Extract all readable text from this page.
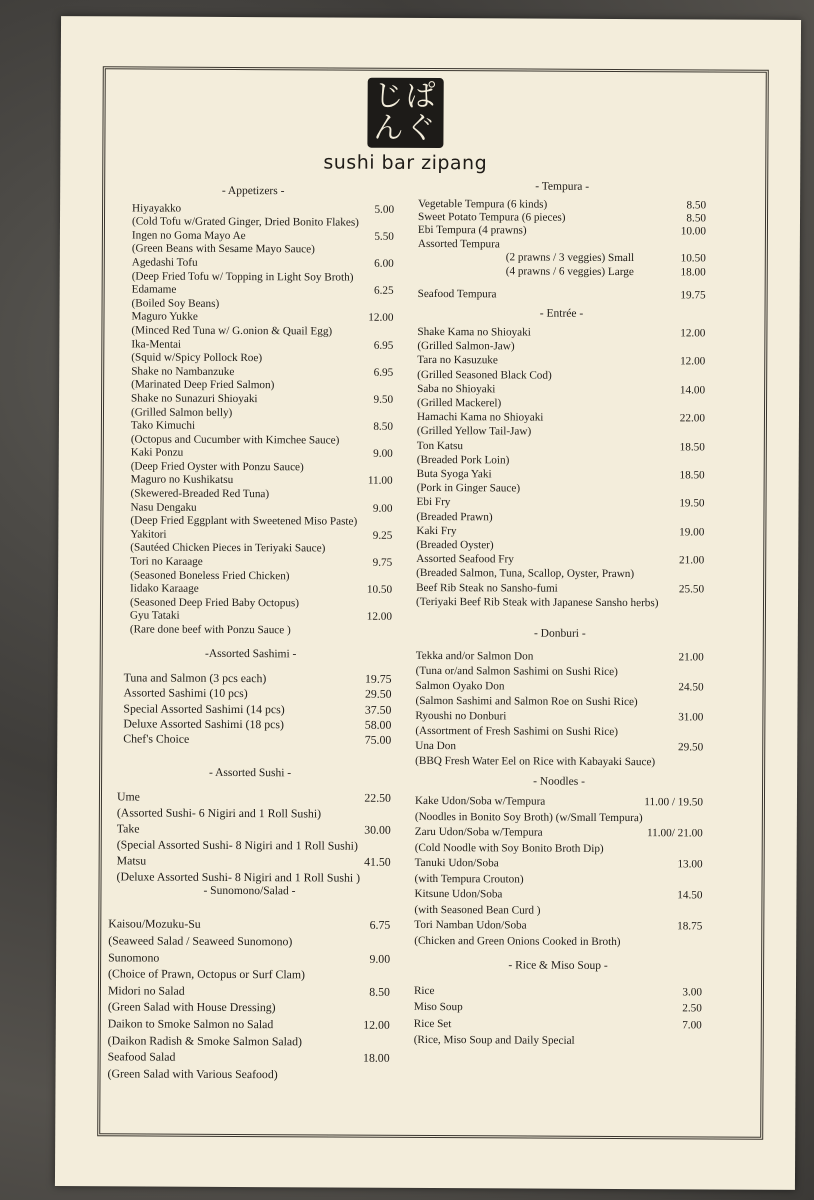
じぱ
んぐ
sushi bar zipang
- Appetizers -
Hiyayakko	5.00
(Cold Tofu w/Grated Ginger, Dried Bonito Flakes)
Ingen no Goma Mayo Ae	5.50
(Green Beans with Sesame Mayo Sauce)
Agedashi Tofu	6.00
(Deep Fried Tofu w/ Topping in Light Soy Broth)
Edamame	6.25
(Boiled Soy Beans)
Maguro Yukke	12.00
(Minced Red Tuna w/ G.onion & Quail Egg)
Ika-Mentai	6.95
(Squid w/Spicy Pollock Roe)
Shake no Nambanzuke	6.95
(Marinated Deep Fried Salmon)
Shake no Sunazuri Shioyaki	9.50
(Grilled Salmon belly)
Tako Kimuchi	8.50
(Octopus and Cucumber with Kimchee Sauce)
Kaki Ponzu	9.00
(Deep Fried Oyster with Ponzu Sauce)
Maguro no Kushikatsu	11.00
(Skewered-Breaded Red Tuna)
Nasu Dengaku	9.00
(Deep Fried Eggplant with Sweetened Miso Paste)
Yakitori	9.25
(Sautéed Chicken Pieces in Teriyaki Sauce)
Tori no Karaage	9.75
(Seasoned Boneless Fried Chicken)
Iidako Karaage	10.50
(Seasoned Deep Fried Baby Octopus)
Gyu Tataki	12.00
(Rare done beef with Ponzu Sauce )
-Assorted Sashimi -
Tuna and Salmon (3 pcs each)	19.75
Assorted Sashimi (10 pcs)	29.50
Special Assorted Sashimi (14 pcs)	37.50
Deluxe Assorted Sashimi (18 pcs)	58.00
Chef's Choice	75.00
- Assorted Sushi -
Ume	22.50
(Assorted Sushi- 6 Nigiri and 1 Roll Sushi)
Take	30.00
(Special Assorted Sushi- 8 Nigiri and 1 Roll Sushi)
Matsu	41.50
(Deluxe Assorted Sushi- 8 Nigiri and 1 Roll Sushi )
- Sunomono/Salad -
Kaisou/Mozuku-Su	6.75
(Seaweed Salad / Seaweed Sunomono)
Sunomono	9.00
(Choice of Prawn, Octopus or Surf Clam)
Midori no Salad	8.50
(Green Salad with House Dressing)
Daikon to Smoke Salmon no Salad	12.00
(Daikon Radish & Smoke Salmon Salad)
Seafood Salad	18.00
(Green Salad with Various Seafood)
- Tempura -
Vegetable Tempura (6 kinds)	8.50
Sweet Potato Tempura (6 pieces)	8.50
Ebi Tempura (4 prawns)	10.00
Assorted Tempura
(2 prawns / 3 veggies) Small	10.50
(4 prawns / 6 veggies) Large	18.00
Seafood Tempura	19.75
- Entrée -
Shake Kama no Shioyaki	12.00
(Grilled Salmon-Jaw)
Tara no Kasuzuke	12.00
(Grilled Seasoned Black Cod)
Saba no Shioyaki	14.00
(Grilled Mackerel)
Hamachi Kama no Shioyaki	22.00
(Grilled Yellow Tail-Jaw)
Ton Katsu	18.50
(Breaded Pork Loin)
Buta Syoga Yaki	18.50
(Pork in Ginger Sauce)
Ebi Fry	19.50
(Breaded Prawn)
Kaki Fry	19.00
(Breaded Oyster)
Assorted Seafood Fry	21.00
(Breaded Salmon, Tuna, Scallop, Oyster, Prawn)
Beef Rib Steak no Sansho-fumi	25.50
(Teriyaki Beef Rib Steak with Japanese Sansho herbs)
- Donburi -
Tekka and/or Salmon Don	21.00
(Tuna or/and Salmon Sashimi on Sushi Rice)
Salmon Oyako Don	24.50
(Salmon Sashimi and Salmon Roe on Sushi Rice)
Ryoushi no Donburi	31.00
(Assortment of Fresh Sashimi on Sushi Rice)
Una Don	29.50
(BBQ Fresh Water Eel on Rice with Kabayaki Sauce)
- Noodles -
Kake Udon/Soba w/Tempura	11.00 / 19.50
(Noodles in Bonito Soy Broth) (w/Small Tempura)
Zaru Udon/Soba w/Tempura	11.00/ 21.00
(Cold Noodle with Soy Bonito Broth Dip)
Tanuki Udon/Soba	13.00
(with Tempura Crouton)
Kitsune Udon/Soba	14.50
(with Seasoned Bean Curd )
Tori Namban Udon/Soba	18.75
(Chicken and Green Onions Cooked in Broth)
- Rice & Miso Soup -
Rice	3.00
Miso Soup	2.50
Rice Set	7.00
(Rice, Miso Soup and Daily Special
